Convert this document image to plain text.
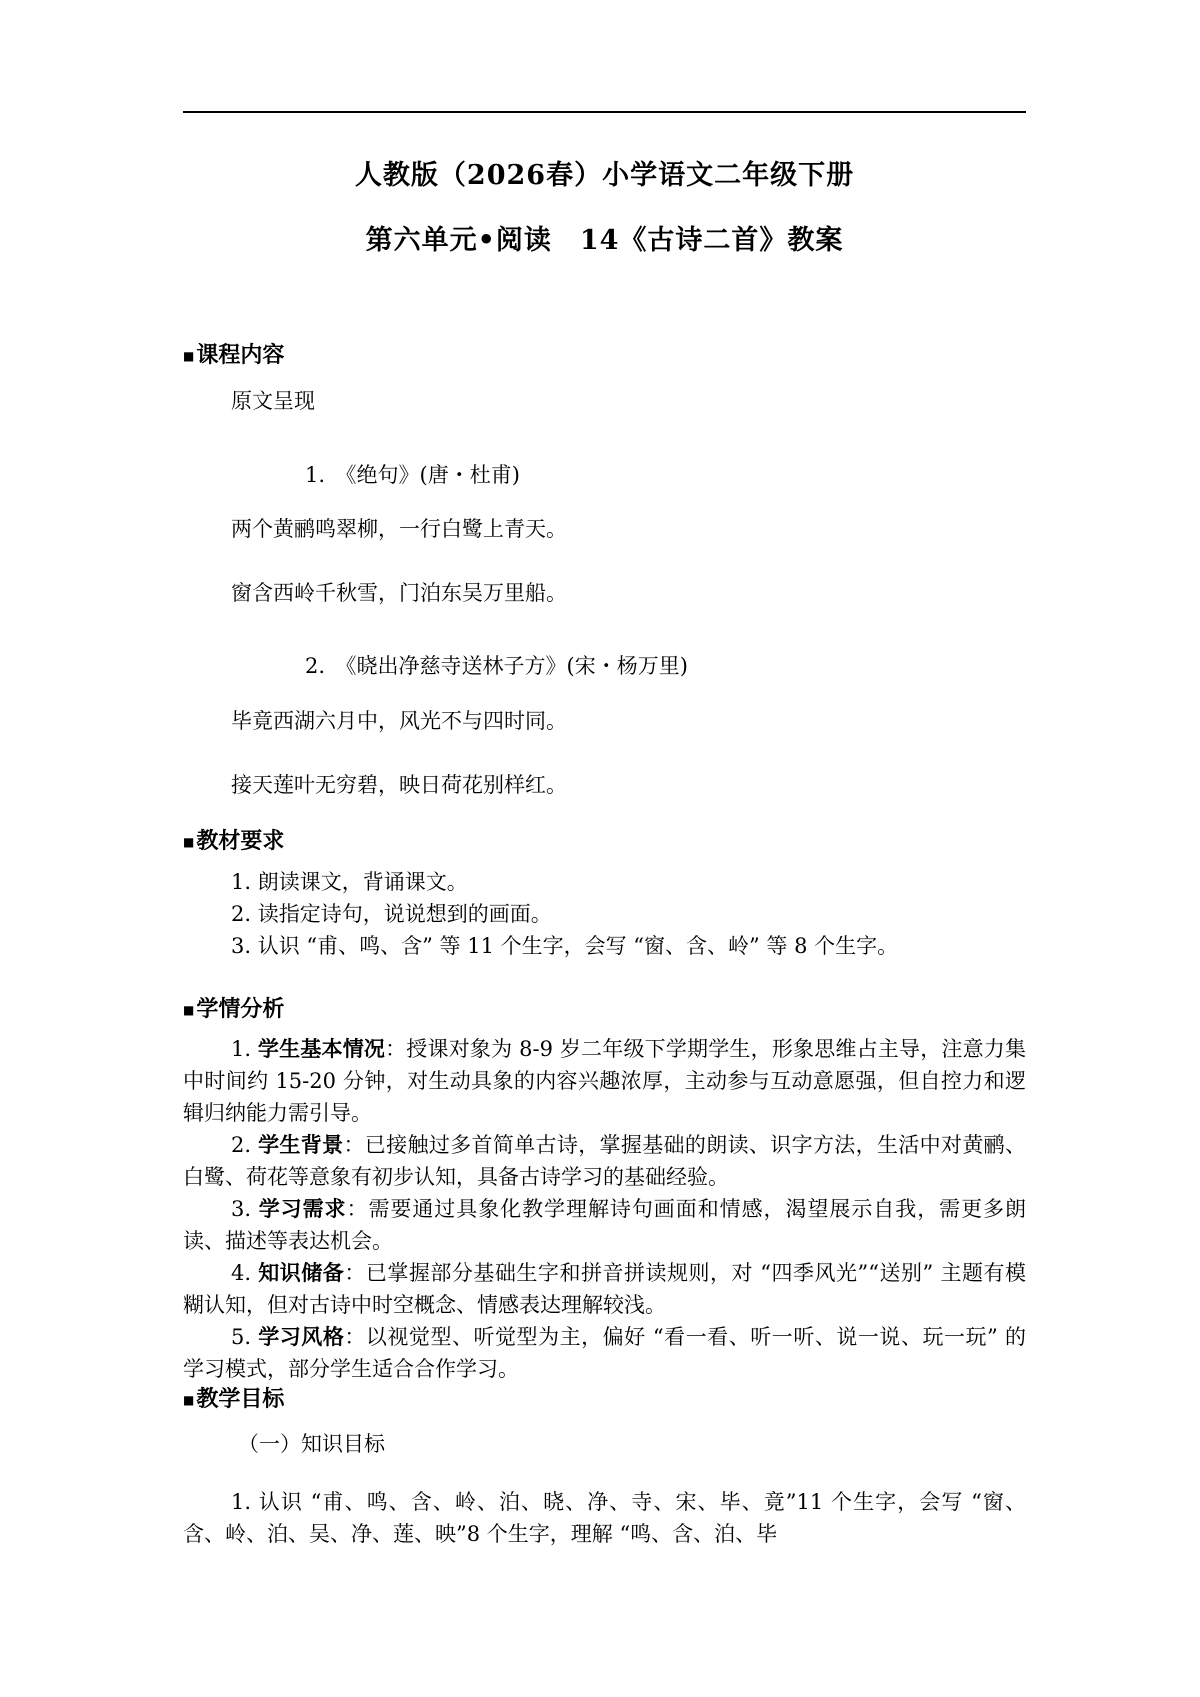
人教版（2026春）小学语文二年级下册
第六单元•阅读　14《古诗二首》教案
■课程内容
原文呈现
1.　《绝句》(唐・杜甫)
两个黄鹂鸣翠柳，一行白鹭上青天。
窗含西岭千秋雪，门泊东吴万里船。
2.　《晓出净慈寺送林子方》(宋・杨万里)
毕竟西湖六月中，风光不与四时同。
接天莲叶无穷碧，映日荷花别样红。
■教材要求
1. 朗读课文，背诵课文。
2. 读指定诗句，说说想到的画面。
3. 认识 “甫、鸣、含” 等 11 个生字，会写 “窗、含、岭” 等 8 个生字。
■学情分析
1. 学生基本情况：授课对象为 8-9 岁二年级下学期学生，形象思维占主导，注意力集中时间约 15-20 分钟，对生动具象的内容兴趣浓厚，主动参与互动意愿强，但自控力和逻辑归纳能力需引导。
2. 学生背景：已接触过多首简单古诗，掌握基础的朗读、识字方法，生活中对黄鹂、白鹭、荷花等意象有初步认知，具备古诗学习的基础经验。
3. 学习需求：需要通过具象化教学理解诗句画面和情感，渴望展示自我，需更多朗读、描述等表达机会。
4. 知识储备：已掌握部分基础生字和拼音拼读规则，对 “四季风光”“送别” 主题有模糊认知，但对古诗中时空概念、情感表达理解较浅。
5. 学习风格：以视觉型、听觉型为主，偏好 “看一看、听一听、说一说、玩一玩” 的学习模式，部分学生适合合作学习。
■教学目标
（一）知识目标
1. 认识 “甫、鸣、含、岭、泊、晓、净、寺、宋、毕、竟”11 个生字，会写 “窗、含、岭、泊、吴、净、莲、映”8 个生字，理解 “鸣、含、泊、毕
